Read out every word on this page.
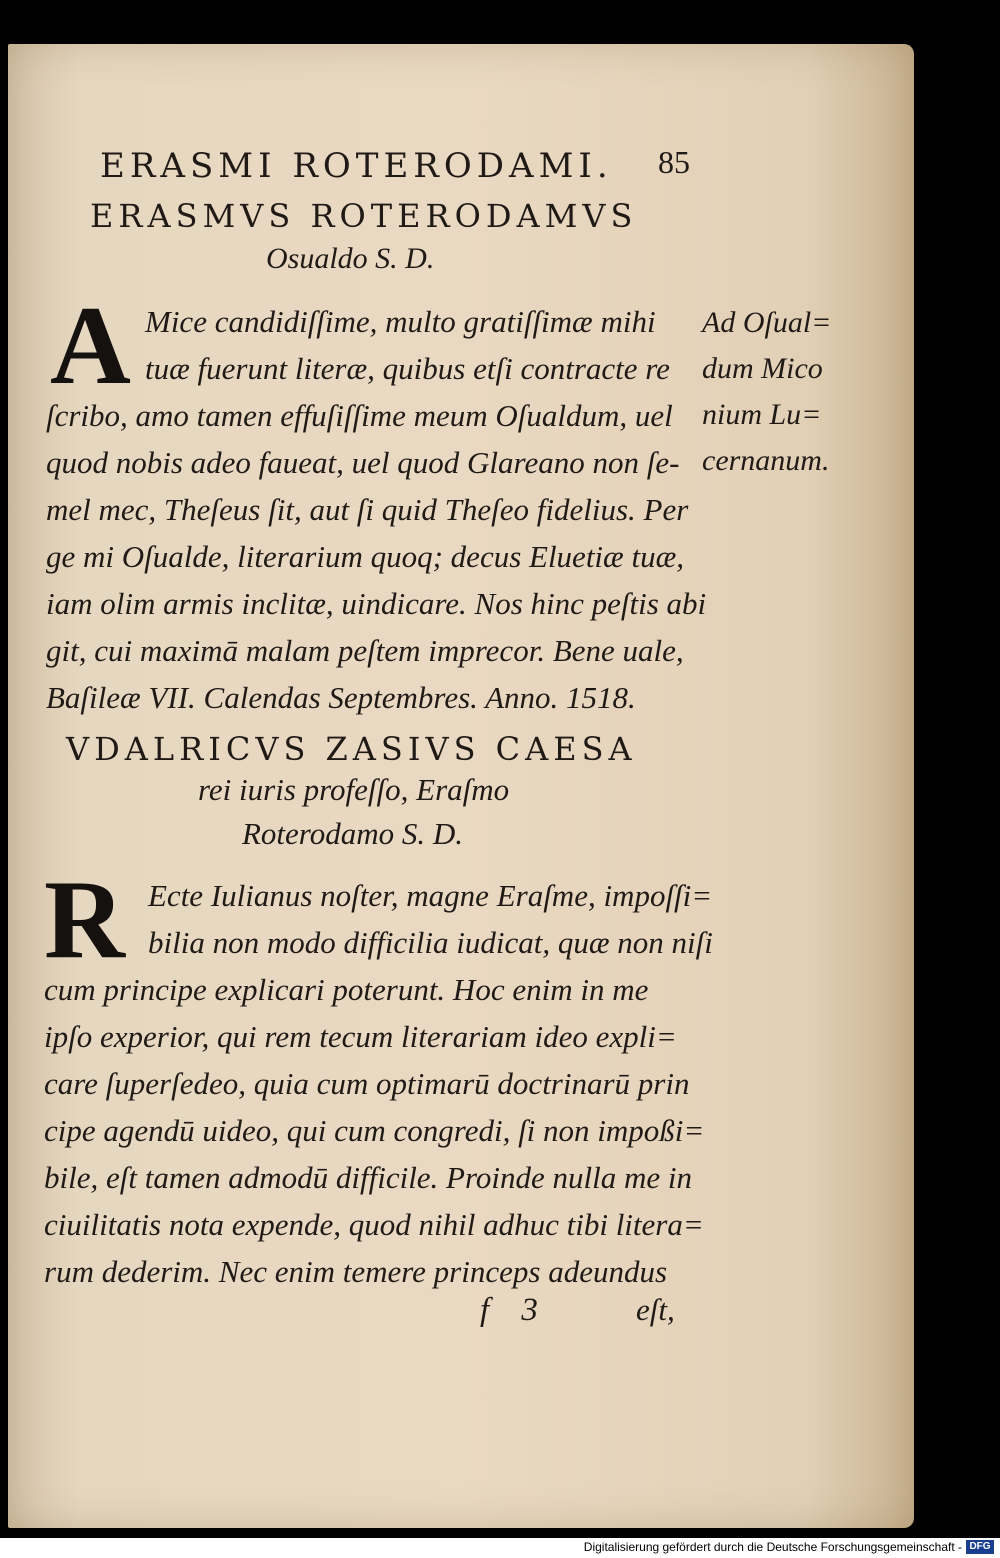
ERASMI ROTERODAMI. 85
ERASMVS ROTERODAMVS
Osualdo S. D.
A Mice candidiſſime, multo gratiſſimæ mihi
tuæ fuerunt literæ, quibus etſi contracte re
ſcribo, amo tamen effuſiſſime meum Oſualdum, uel
quod nobis adeo faueat, uel quod Glareano non ſe-
mel mec, Theſeus ſit, aut ſi quid Theſeo fidelius. Per
ge mi Oſualde, literarium quoq; decus Eluetiæ tuæ,
iam olim armis inclitæ, uindicare. Nos hinc peſtis abi
git, cui maximā malam peſtem imprecor. Bene uale,
Baſileæ VII. Calendas Septembres. Anno. 1518.
Ad Oſual=
dum Mico
nium Lu=
cernanum.
VDALRICVS ZASIVS CAESA
rei iuris profeſſo, Eraſmo
Roterodamo S. D.
R Ecte Iulianus noſter, magne Eraſme, impoſſi=
bilia non modo difficilia iudicat, quæ non niſi
cum principe explicari poterunt. Hoc enim in me
ipſo experior, qui rem tecum literariam ideo expli=
care ſuperſedeo, quia cum optimarū doctrinarū prin
cipe agendū uideo, qui cum congredi, ſi non impoßi=
bile, eſt tamen admodū difficile. Proinde nulla me in
ciuilitatis nota expende, quod nihil adhuc tibi litera=
rum dederim. Nec enim temere princeps adeundus
f 3	eſt,
Digitalisierung gefördert durch die Deutsche Forschungsgemeinschaft - DFG
